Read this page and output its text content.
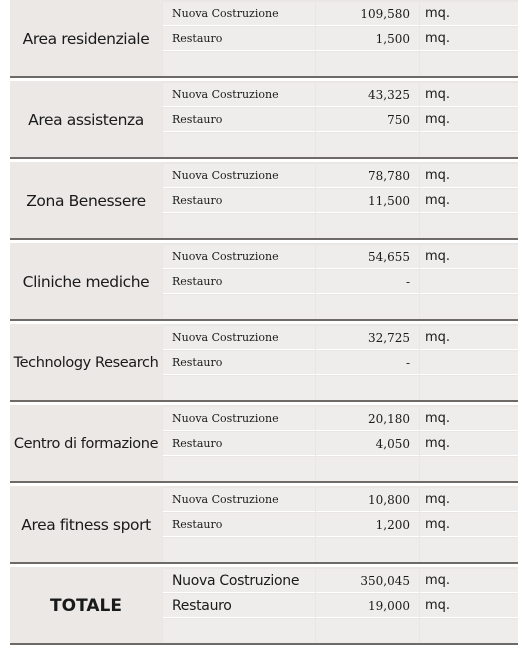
Area residenziale
Nuova Costruzione	109,580 mq.
Restauro	1,500 mq.
Area assistenza
Nuova Costruzione	43,325 mq.
Restauro	750 mq.
Zona Benessere
Nuova Costruzione	78,780 mq.
Restauro	11,500 mq.
Cliniche mediche
Nuova Costruzione	54,655 mq.
Restauro	-
Technology Research
Nuova Costruzione	32,725 mq.
Restauro	-
Centro di formazione
Nuova Costruzione	20,180 mq.
Restauro	4,050 mq.
Area fitness sport
Nuova Costruzione	10,800 mq.
Restauro	1,200 mq.
TOTALE
Nuova Costruzione	350,045 mq.
Restauro	19,000 mq.
